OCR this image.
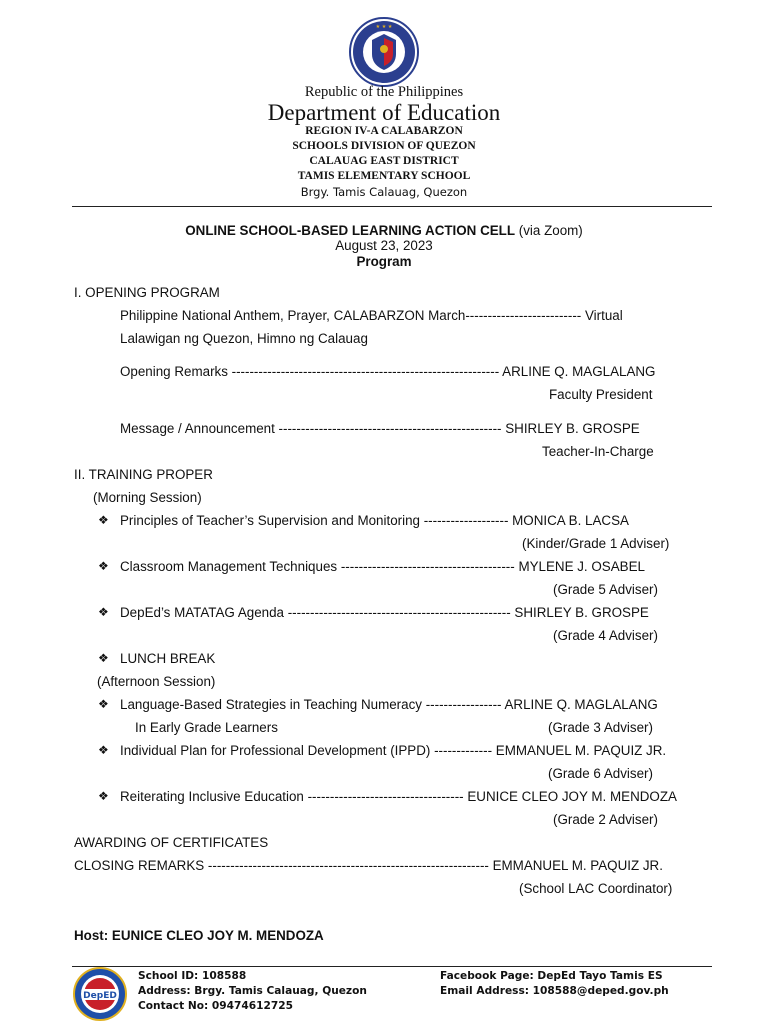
★ ★ ★
Republic of the Philippines
Department of Education
REGION IV-A CALABARZON
SCHOOLS DIVISION OF QUEZON
CALAUAG EAST DISTRICT
TAMIS ELEMENTARY SCHOOL
Brgy. Tamis Calauag, Quezon
ONLINE SCHOOL-BASED LEARNING ACTION CELL (via Zoom)
August 23, 2023
Program
I. OPENING PROGRAM
Philippine National Anthem, Prayer, CALABARZON March-------------------------- Virtual
Lalawigan ng Quezon, Himno ng Calauag
Opening Remarks ------------------------------------------------------------ ARLINE Q. MAGLALANG
Faculty President
Message / Announcement -------------------------------------------------- SHIRLEY B. GROSPE
Teacher-In-Charge
II. TRAINING PROPER
(Morning Session)
❖ Principles of Teacher’s Supervision and Monitoring ------------------- MONICA B. LACSA
(Kinder/Grade 1 Adviser)
❖ Classroom Management Techniques --------------------------------------- MYLENE J. OSABEL
(Grade 5 Adviser)
❖ DepEd’s MATATAG Agenda -------------------------------------------------- SHIRLEY B. GROSPE
(Grade 4 Adviser)
❖ LUNCH BREAK
(Afternoon Session)
❖ Language-Based Strategies in Teaching Numeracy ----------------- ARLINE Q. MAGLALANG
In Early Grade Learners	(Grade 3 Adviser)
❖ Individual Plan for Professional Development (IPPD) ------------- EMMANUEL M. PAQUIZ JR.
(Grade 6 Adviser)
❖ Reiterating Inclusive Education ----------------------------------- EUNICE CLEO JOY M. MENDOZA
(Grade 2 Adviser)
AWARDING OF CERTIFICATES
CLOSING REMARKS --------------------------------------------------------------- EMMANUEL M. PAQUIZ JR.
(School LAC Coordinator)
Host: EUNICE CLEO JOY M. MENDOZA
DepED
School ID: 108588
Address: Brgy. Tamis Calauag, Quezon
Contact No: 09474612725
Facebook Page: DepEd Tayo Tamis ES
Email Address: 108588@deped.gov.ph
